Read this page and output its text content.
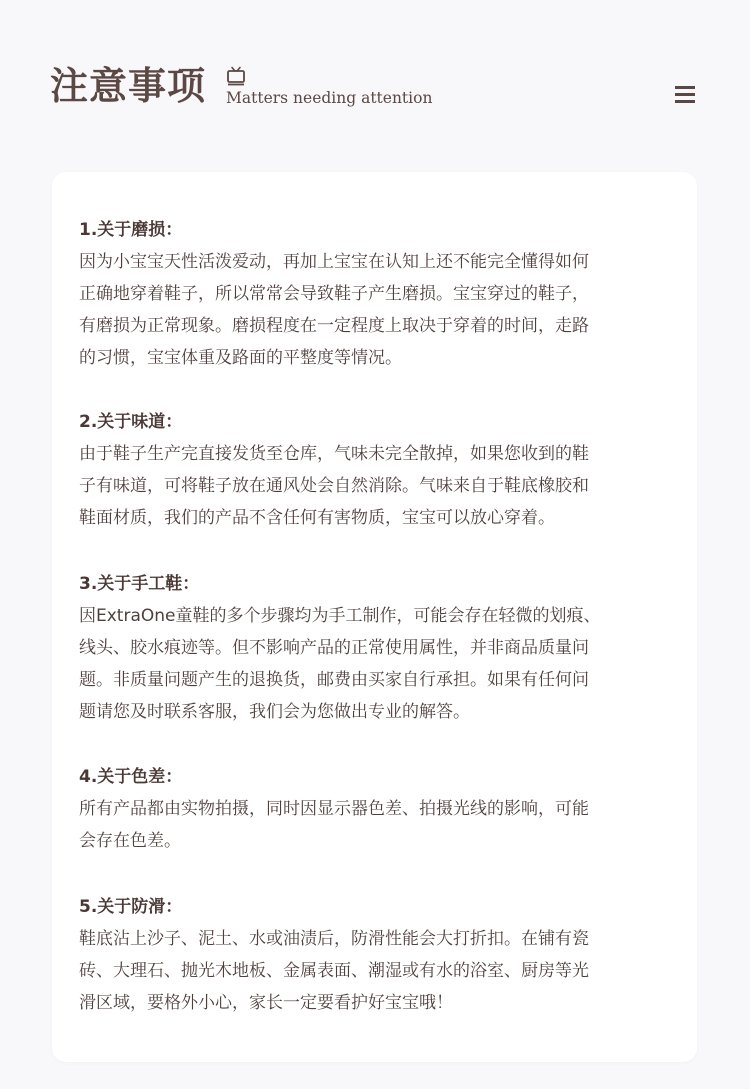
注意事项 Matters needing attention
1.关于磨损：

因为小宝宝天性活泼爱动，再加上宝宝在认知上还不能完全懂得如何
正确地穿着鞋子，所以常常会导致鞋子产生磨损。宝宝穿过的鞋子，
有磨损为正常现象。磨损程度在一定程度上取决于穿着的时间，走路
的习惯，宝宝体重及路面的平整度等情况。

2.关于味道：

由于鞋子生产完直接发货至仓库，气味未完全散掉，如果您收到的鞋
子有味道，可将鞋子放在通风处会自然消除。气味来自于鞋底橡胶和
鞋面材质，我们的产品不含任何有害物质，宝宝可以放心穿着。

3.关于手工鞋：

因ExtraOne童鞋的多个步骤均为手工制作，可能会存在轻微的划痕、
线头、胶水痕迹等。但不影响产品的正常使用属性，并非商品质量问
题。非质量问题产生的退换货，邮费由买家自行承担。如果有任何问
题请您及时联系客服，我们会为您做出专业的解答。

4.关于色差：

所有产品都由实物拍摄，同时因显示器色差、拍摄光线的影响，可能
会存在色差。

5.关于防滑：

鞋底沾上沙子、泥土、水或油渍后，防滑性能会大打折扣。在铺有瓷
砖、大理石、抛光木地板、金属表面、潮湿或有水的浴室、厨房等光
滑区域，要格外小心，家长一定要看护好宝宝哦！
